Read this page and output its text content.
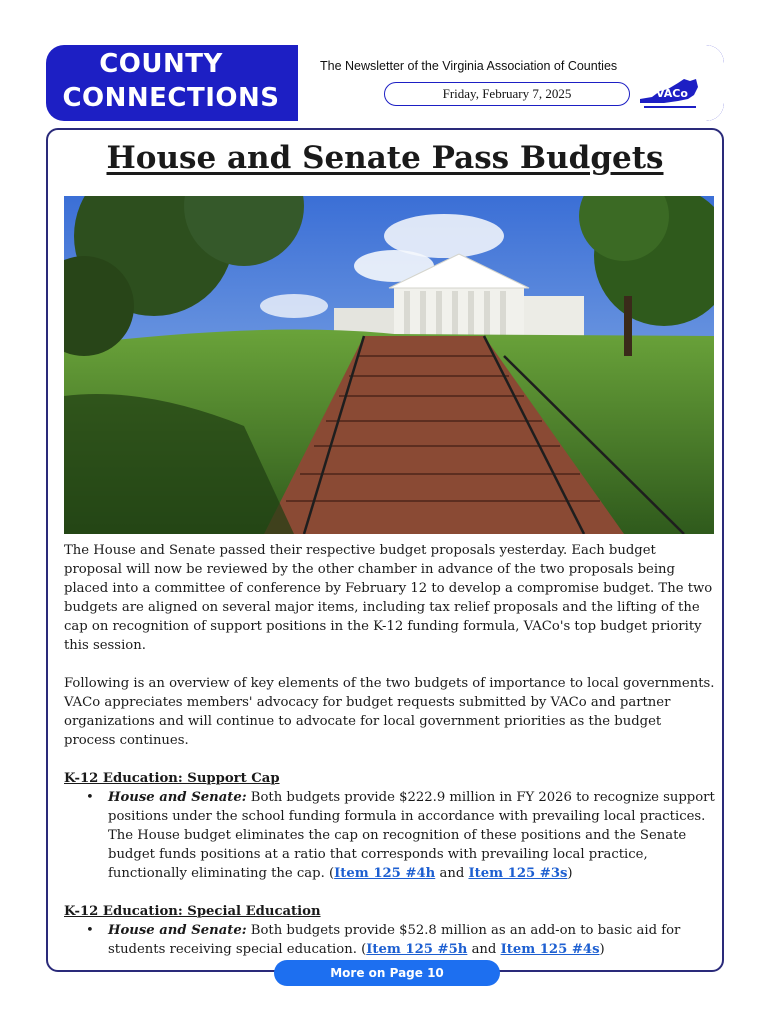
COUNTY
CONNECTIONS
The Newsletter of the Virginia Association of Counties
Friday, February 7, 2025	VACo
House and Senate Pass Budgets

The House and Senate passed their respective budget proposals yesterday. Each budget proposal will now be reviewed by the other chamber in advance of the two proposals being placed into a committee of conference by February 12 to develop a compromise budget. The two budgets are aligned on several major items, including tax relief proposals and the lifting of the cap on recognition of support positions in the K-12 funding formula, VACo's top budget priority this session.

Following is an overview of key elements of the two budgets of importance to local governments. VACo appreciates members' advocacy for budget requests submitted by VACo and partner organizations and will continue to advocate for local government priorities as the budget process continues.

K-12 Education: Support Cap
• House and Senate: Both budgets provide $222.9 million in FY 2026 to recognize support positions under the school funding formula in accordance with prevailing local practices. The House budget eliminates the cap on recognition of these positions and the Senate budget funds positions at a ratio that corresponds with prevailing local practice, functionally eliminating the cap. (Item 125 #4h and Item 125 #3s)
K-12 Education: Special Education
• House and Senate: Both budgets provide $52.8 million as an add-on to basic aid for students receiving special education. (Item 125 #5h and Item 125 #4s)
More on Page 10
